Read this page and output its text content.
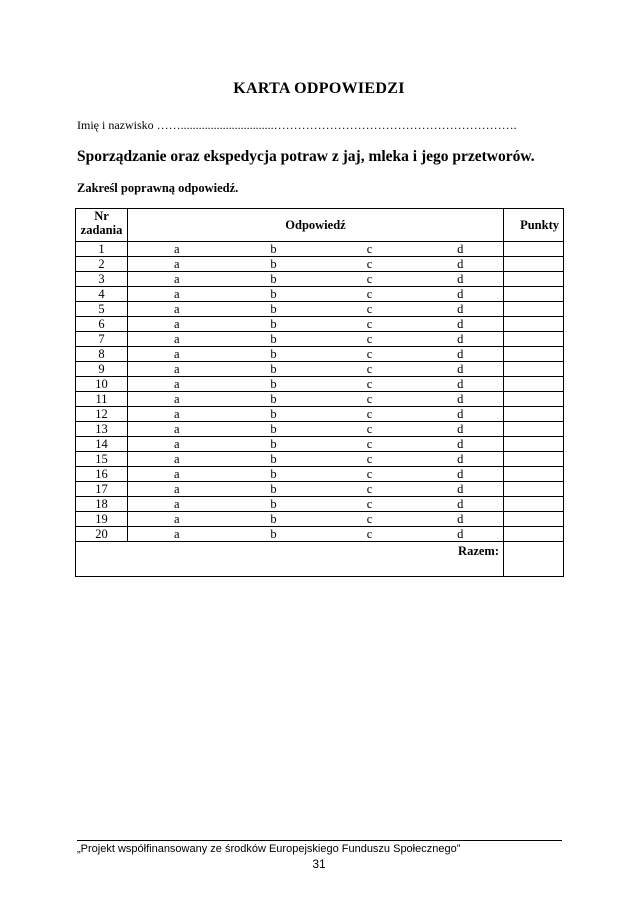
KARTA ODPOWIEDZI
Imię i nazwisko ……...............................…………………………………………………….
Sporządzanie oraz ekspedycja potraw z jaj, mleka i jego przetworów.
Zakreśl poprawną odpowiedź.
Nr
zadania	Odpowiedź				Punkty
1	a	b	c	d	
2	a	b	c	d	
3	a	b	c	d	
4	a	b	c	d	
5	a	b	c	d	
6	a	b	c	d	
7	a	b	c	d	
8	a	b	c	d	
9	a	b	c	d	
10	a	b	c	d	
11	a	b	c	d	
12	a	b	c	d	
13	a	b	c	d	
14	a	b	c	d	
15	a	b	c	d	
16	a	b	c	d	
17	a	b	c	d	
18	a	b	c	d	
19	a	b	c	d	
20	a	b	c	d	
Razem:					
„Projekt współfinansowany ze środków Europejskiego Funduszu Społecznego”
31
